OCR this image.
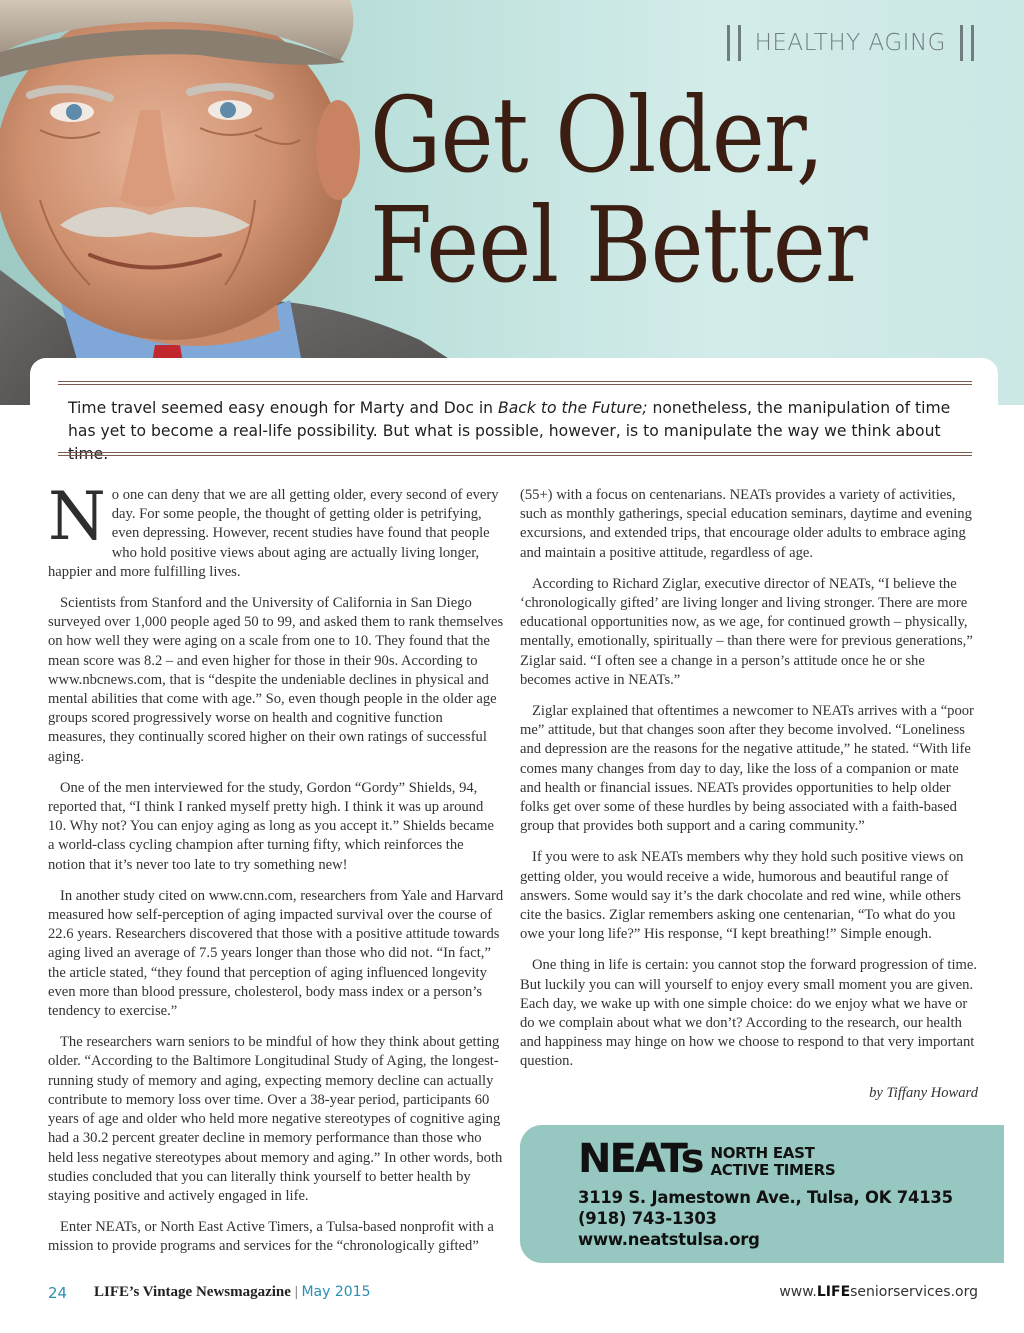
HEALTHY AGING
Get Older,
Feel Better

Time travel seemed easy enough for Marty and Doc in Back to the Future; nonetheless, the manipulation of time has yet to become a real-life possibility. But what is possible, however, is to manipulate the way we think about time.

No one can deny that we are all getting older, every second of every day. For some people, the thought of getting older is petrifying, even depressing. However, recent studies have found that people who hold positive views about aging are actually living longer, happier and more fulfilling lives.

Scientists from Stanford and the University of California in San Diego surveyed over 1,000 people aged 50 to 99, and asked them to rank themselves on how well they were aging on a scale from one to 10. They found that the mean score was 8.2 – and even higher for those in their 90s. According to www.nbcnews.com, that is “despite the undeniable declines in physical and mental abilities that come with age.” So, even though people in the older age groups scored progressively worse on health and cognitive function measures, they continually scored higher on their own ratings of successful aging.

One of the men interviewed for the study, Gordon “Gordy” Shields, 94, reported that, “I think I ranked myself pretty high. I think it was up around 10. Why not? You can enjoy aging as long as you accept it.” Shields became a world-class cycling champion after turning fifty, which reinforces the notion that it’s never too late to try something new!

In another study cited on www.cnn.com, researchers from Yale and Harvard measured how self-perception of aging impacted survival over the course of 22.6 years. Researchers discovered that those with a positive attitude towards aging lived an average of 7.5 years longer than those who did not. “In fact,” the article stated, “they found that perception of aging influenced longevity even more than blood pressure, cholesterol, body mass index or a person’s tendency to exercise.”

The researchers warn seniors to be mindful of how they think about getting older. “According to the Baltimore Longitudinal Study of Aging, the longest-running study of memory and aging, expecting memory decline can actually contribute to memory loss over time. Over a 38-year period, participants 60 years of age and older who held more negative stereotypes of cognitive aging had a 30.2 percent greater decline in memory performance than those who held less negative stereotypes about memory and aging.” In other words, both studies concluded that you can literally think yourself to better health by staying positive and actively engaged in life.

Enter NEATs, or North East Active Timers, a Tulsa-based nonprofit with a mission to provide programs and services for the “chronologically gifted”

(55+) with a focus on centenarians. NEATs provides a variety of activities, such as monthly gatherings, special education seminars, daytime and evening excursions, and extended trips, that encourage older adults to embrace aging and maintain a positive attitude, regardless of age.

According to Richard Ziglar, executive director of NEATs, “I believe the ‘chronologically gifted’ are living longer and living stronger. There are more educational opportunities now, as we age, for continued growth – physically, mentally, emotionally, spiritually – than there were for previous generations,” Ziglar said. “I often see a change in a person’s attitude once he or she becomes active in NEATs.”

Ziglar explained that oftentimes a newcomer to NEATs arrives with a “poor me” attitude, but that changes soon after they become involved. “Loneliness and depression are the reasons for the negative attitude,” he stated. “With life comes many changes from day to day, like the loss of a companion or mate and health or financial issues. NEATs provides opportunities to help older folks get over some of these hurdles by being associated with a faith-based group that provides both support and a caring community.”

If you were to ask NEATs members why they hold such positive views on getting older, you would receive a wide, humorous and beautiful range of answers. Some would say it’s the dark chocolate and red wine, while others cite the basics. Ziglar remembers asking one centenarian, “To what do you owe your long life?” His response, “I kept breathing!” Simple enough.

One thing in life is certain: you cannot stop the forward progression of time. But luckily you can will yourself to enjoy every small moment you are given. Each day, we wake up with one simple choice: do we enjoy what we have or do we complain about what we don’t? According to the research, our health and happiness may hinge on how we choose to respond to that very important question.

by Tiffany Howard
NEATs NORTH EAST
ACTIVE TIMERS
3119 S. Jamestown Ave., Tulsa, OK 74135
(918) 743-1303
www.neatstulsa.org
24 LIFE’s Vintage Newsmagazine | May 2015	www.LIFEseniorservices.org
